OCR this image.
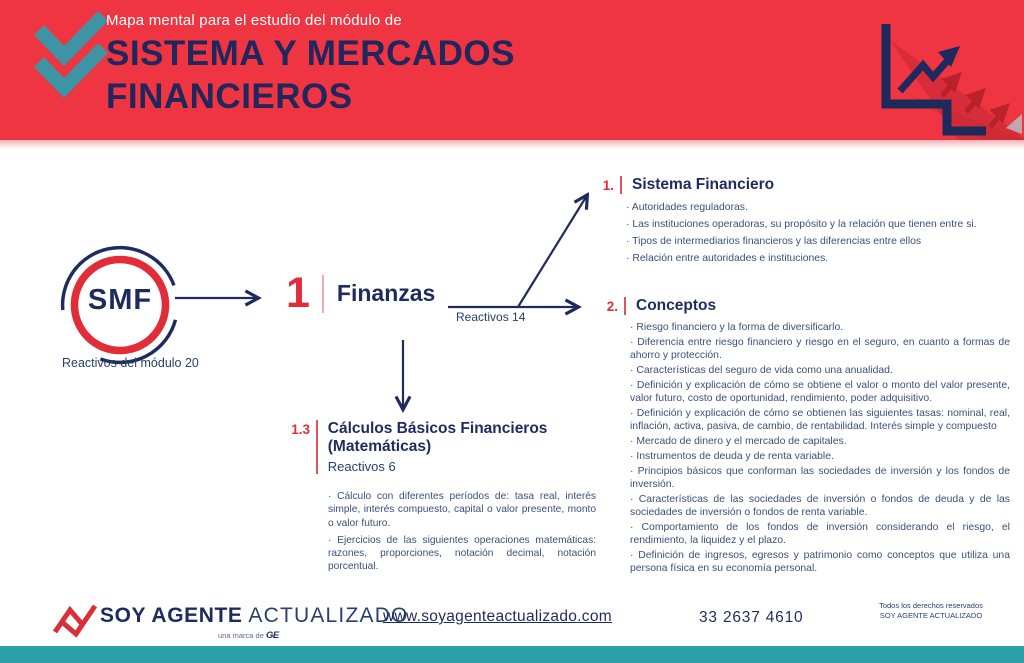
Mapa mental para el estudio del módulo de
SISTEMA Y MERCADOS
FINANCIEROS
SMF
Reactivos del módulo 20
1 Finanzas
Reactivos 14
1. Sistema Financiero
· Autoridades reguladoras.
· Las instituciones operadoras, su propósito y la relación que tienen entre si.
· Tipos de intermediarios financieros y las diferencias entre ellos
· Relación entre autoridades e instituciones.
2. Conceptos
· Riesgo financiero y la forma de diversificarlo.
· Diferencia entre riesgo financiero y riesgo en el seguro, en cuanto a formas de ahorro y protección.
· Características del seguro de vida como una anualidad.
· Definición y explicación de cómo se obtiene el valor o monto del valor presente, valor futuro, costo de oportunidad, rendimiento, poder adquisitivo.
· Definición y explicación de cómo se obtienen las siguientes tasas: nominal, real, inflación, activa, pasiva, de cambio, de rentabilidad. Interés simple y compuesto
· Mercado de dinero y el mercado de capitales.
· Instrumentos de deuda y de renta variable.
· Principios básicos que conforman las sociedades de inversión y los fondos de inversión.
· Características de las sociedades de inversión o fondos de deuda y de las sociedades de inversión o fondos de renta variable.
· Comportamiento de los fondos de inversión considerando el riesgo, el rendimiento, la liquidez y el plazo.
· Definición de ingresos, egresos y patrimonio como conceptos que utiliza una persona física en su economía personal.
1.3 Cálculos Básicos Financieros (Matemáticas)
Reactivos 6
· Cálculo con diferentes períodos de: tasa real, interés simple, interés compuesto, capital o valor presente, monto o valor futuro.
· Ejercicios de las siguientes operaciones matemáticas: razones, proporciones, notación decimal, notación porcentual.
SOY AGENTE ACTUALIZADO
una marca de GE
www.soyagenteactualizado.com	33 2637 4610
Todos los derechos reservados
SOY AGENTE ACTUALIZADO
